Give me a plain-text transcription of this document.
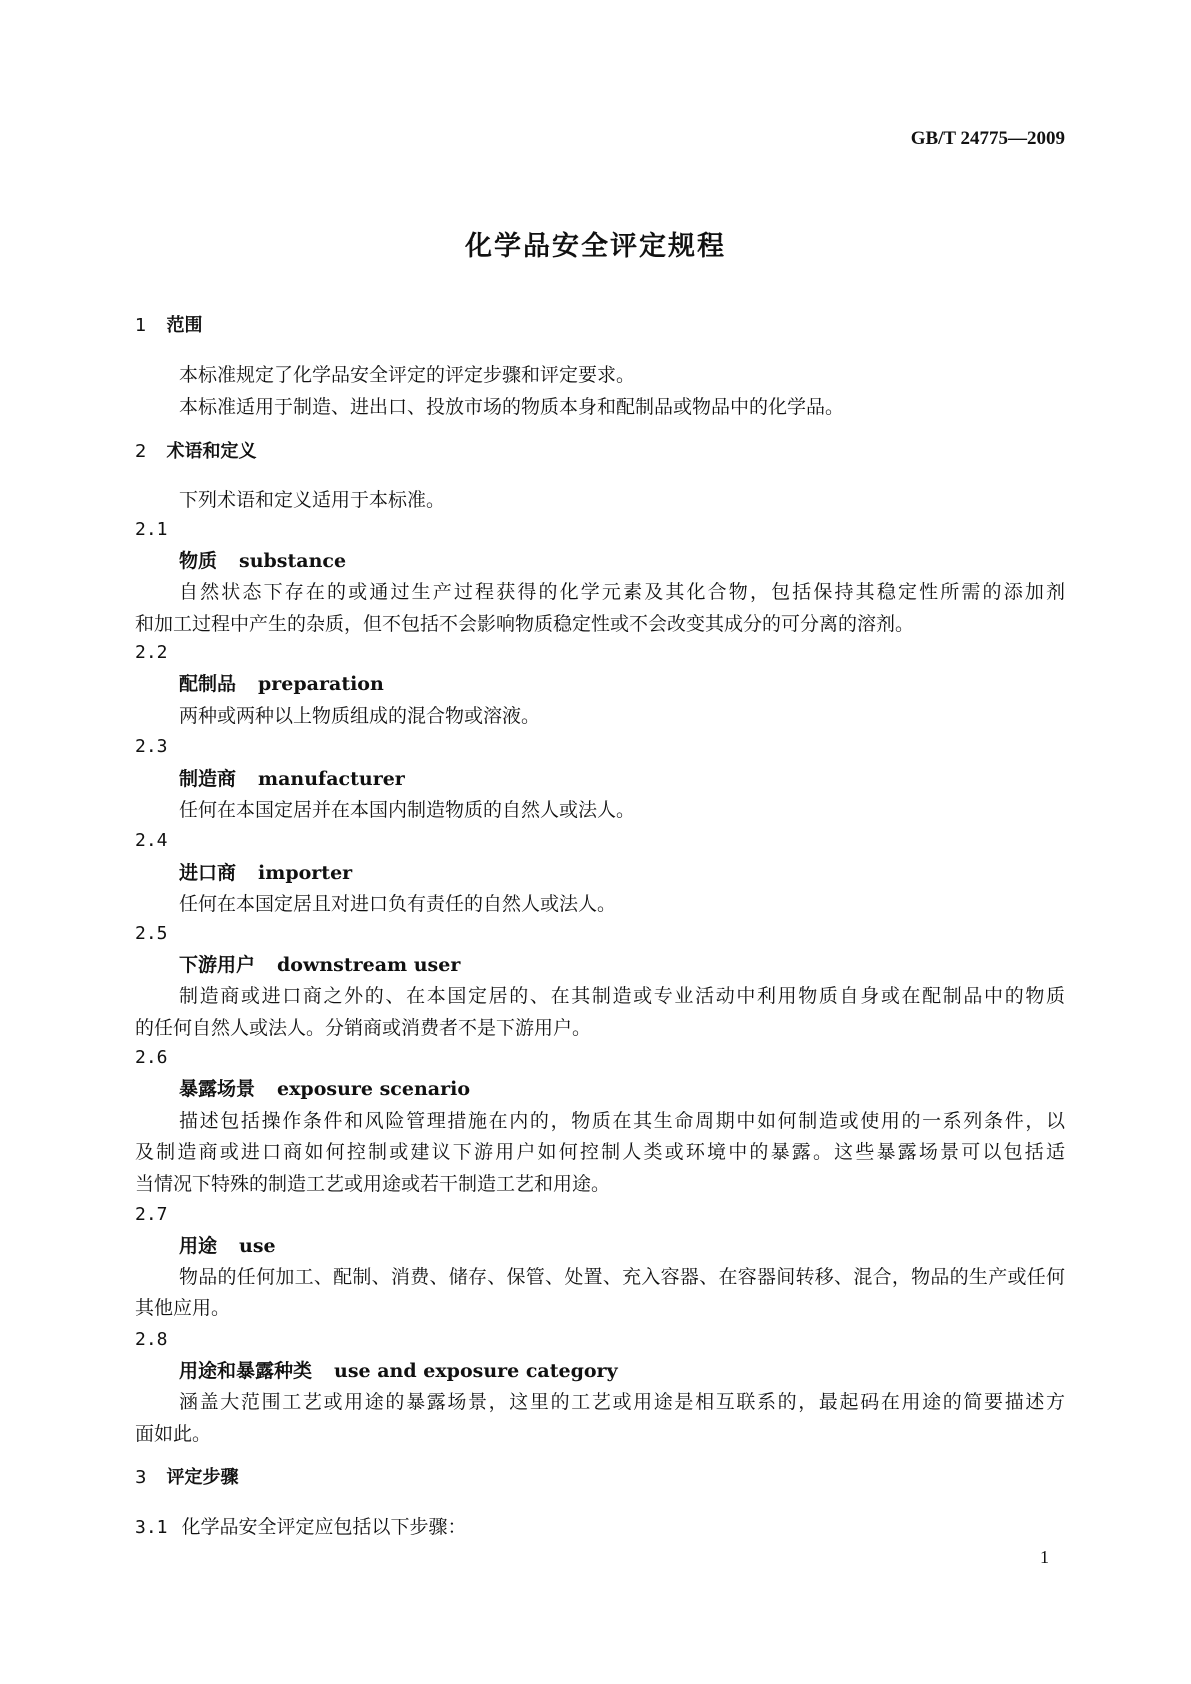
GB/T 24775—2009
化学品安全评定规程
1 范围
本标准规定了化学品安全评定的评定步骤和评定要求。
本标准适用于制造、进出口、投放市场的物质本身和配制品或物品中的化学品。
2 术语和定义
下列术语和定义适用于本标准。
2.1
物质 substance
自然状态下存在的或通过生产过程获得的化学元素及其化合物，包括保持其稳定性所需的添加剂
和加工过程中产生的杂质，但不包括不会影响物质稳定性或不会改变其成分的可分离的溶剂。
2.2
配制品 preparation
两种或两种以上物质组成的混合物或溶液。
2.3
制造商 manufacturer
任何在本国定居并在本国内制造物质的自然人或法人。
2.4
进口商 importer
任何在本国定居且对进口负有责任的自然人或法人。
2.5
下游用户 downstream user
制造商或进口商之外的、在本国定居的、在其制造或专业活动中利用物质自身或在配制品中的物质
的任何自然人或法人。分销商或消费者不是下游用户。
2.6
暴露场景 exposure scenario
描述包括操作条件和风险管理措施在内的，物质在其生命周期中如何制造或使用的一系列条件，以
及制造商或进口商如何控制或建议下游用户如何控制人类或环境中的暴露。这些暴露场景可以包括适
当情况下特殊的制造工艺或用途或若干制造工艺和用途。
2.7
用途 use
物品的任何加工、配制、消费、储存、保管、处置、充入容器、在容器间转移、混合，物品的生产或任何
其他应用。
2.8
用途和暴露种类 use and exposure category
涵盖大范围工艺或用途的暴露场景，这里的工艺或用途是相互联系的，最起码在用途的简要描述方
面如此。
3 评定步骤
3.1 化学品安全评定应包括以下步骤：
1
